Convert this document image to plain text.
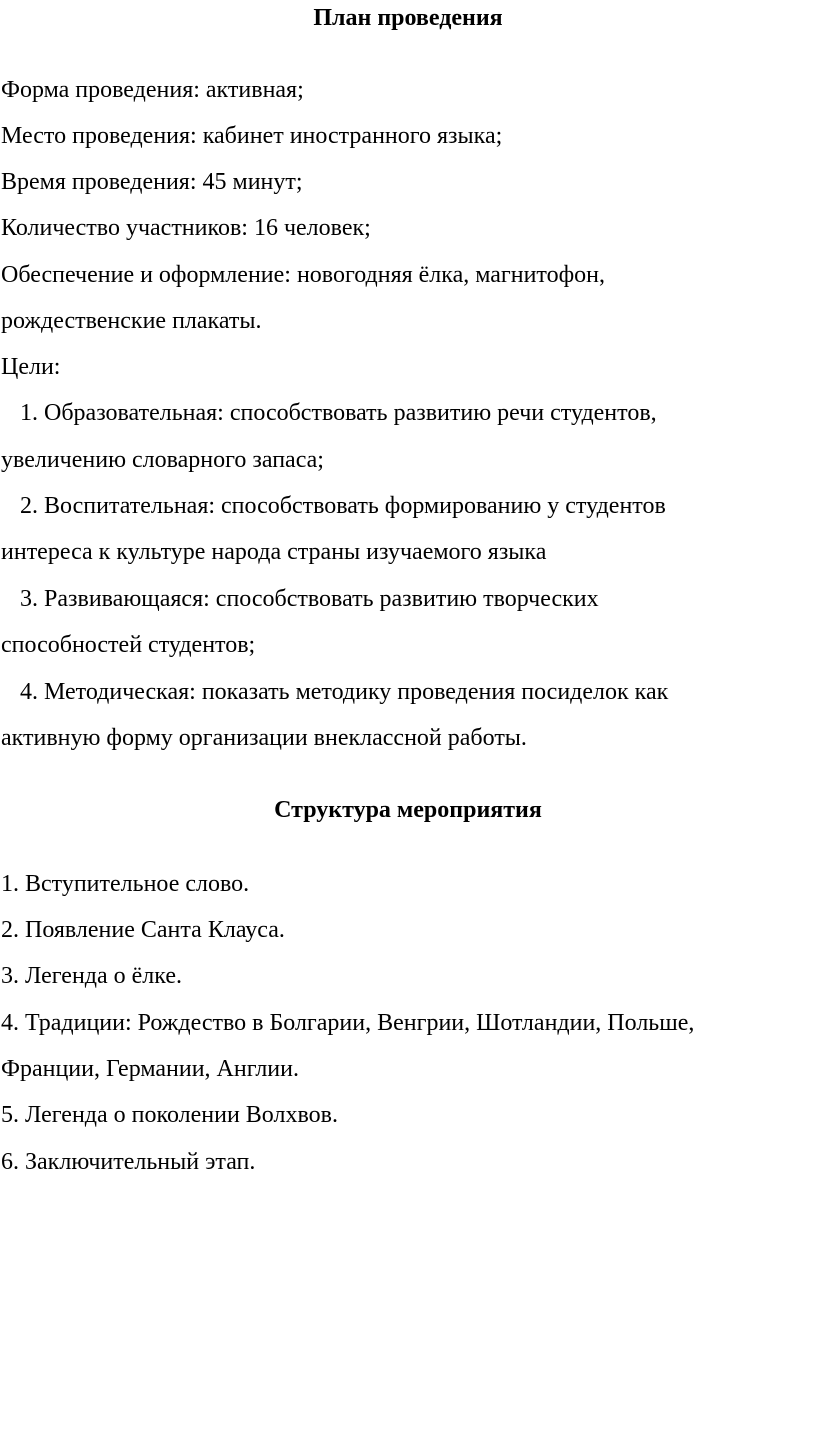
План проведения

Форма проведения: активная;

Место проведения: кабинет иностранного языка;

Время проведения: 45 минут;

Количество участников: 16 человек;

Обеспечение и оформление: новогодняя ёлка, магнитофон,

рождественские плакаты.

Цели:

1. Образовательная: способствовать развитию речи студентов,

увеличению словарного запаса;

2. Воспитательная: способствовать формированию у студентов

интереса к культуре народа страны изучаемого языка

3. Развивающаяся: способствовать развитию творческих

способностей студентов;

4. Методическая: показать методику проведения посиделок как

активную форму организации внеклассной работы.

Структура мероприятия

1. Вступительное слово.

2. Появление Санта Клауса.

3. Легенда о ёлке.

4. Традиции: Рождество в Болгарии, Венгрии, Шотландии, Польше,

Франции, Германии, Англии.

5. Легенда о поколении Волхвов.

6. Заключительный этап.
